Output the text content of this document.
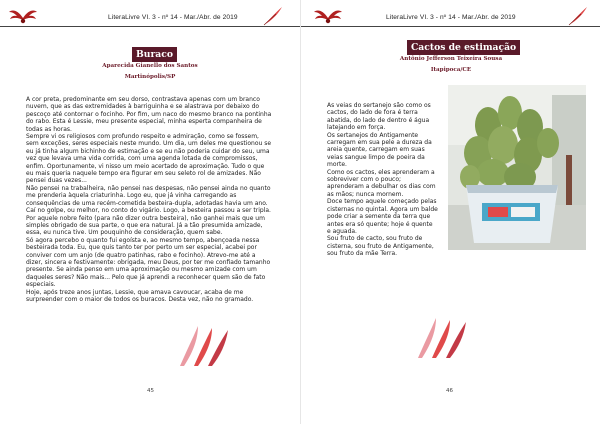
LiteraLivre VI. 3 - nº 14 - Mar./Abr. de 2019
Buraco
Aparecida Gianello dos Santos
Martinópolis/SP

A cor preta, predominante em seu dorso, contrastava apenas com um branco

nuvem, que as das extremidades à barriguinha e se alastrava por debaixo do

pescoço até contornar o focinho. Por fim, um naco do mesmo branco na pontinha

do rabo. Esta é Lessie, meu presente especial, minha esperta companheira de

todas as horas.

Sempre vi os religiosos com profundo respeito e admiração, como se fossem,

sem exceções, seres especiais neste mundo. Um dia, um deles me questionou se

eu já tinha algum bichinho de estimação e se eu não poderia cuidar do seu, uma

vez que levava uma vida corrida, com uma agenda lotada de compromissos,

enfim. Oportunamente, vi nisso um meio acertado de aproximação. Tudo o que

eu mais queria naquele tempo era figurar em seu seleto rol de amizades. Não

pensei duas vezes...

Não pensei na trabalheira, não pensei nas despesas, não pensei ainda no quanto

me prenderia àquela criaturinha. Logo eu, que já vinha carregando as

consequências de uma recém-cometida besteira-dupla, adotadas havia um ano.

Caí no golpe, ou melhor, no conto do vigário. Logo, a besteira passou a ser tripla.

Por aquele nobre feito (para não dizer outra besteira), não ganhei mais que um

simples obrigado de sua parte, o que era natural. Já a tão presumida amizade,

essa, eu nunca tive. Um pouquinho de consideração, quem sabe.

Só agora percebo o quanto fui egoísta e, ao mesmo tempo, abençoada nessa

besteirada toda. Eu, que quis tanto ter por perto um ser especial, acabei por

conviver com um anjo (de quatro patinhas, rabo e focinho). Atrevo-me até a

dizer, sincera e festivamente: obrigada, meu Deus, por ter me confiado tamanho

presente. Se ainda penso em uma aproximação ou mesmo amizade com um

daqueles seres? Não mais... Pelo que já aprendi a reconhecer quem são de fato

especiais.

Hoje, após treze anos juntas, Lessie, que amava cavoucar, acaba de me

surpreender com o maior de todos os buracos. Desta vez, não no gramado.

45
LiteraLivre VI. 3 - nº 14 - Mar./Abr. de 2019
Cactos de estimação
Antônio Jefferson Teixeira Sousa
Itapipoca/CE

As veias do sertanejo são como os

cactos, do lado de fora é terra

abatida, do lado de dentro é água

latejando em força.

Os sertanejos do Antigamente

carregam em sua pele a dureza da

areia quente, carregam em suas

veias sangue limpo de poeira da

morte.

Como os cactos, eles aprenderam a

sobreviver com o pouco;

aprenderam a debulhar os dias com

as mãos; nunca mornem.

Doce tempo aquele começado pelas

cisternas no quintal. Agora um balde

pode criar a semente da terra que

antes era só quente; hoje é quente

e aguada.

Sou fruto de cacto, sou fruto de

cisterna, sou fruto de Antigamente,

sou fruto da mãe Terra.

46
